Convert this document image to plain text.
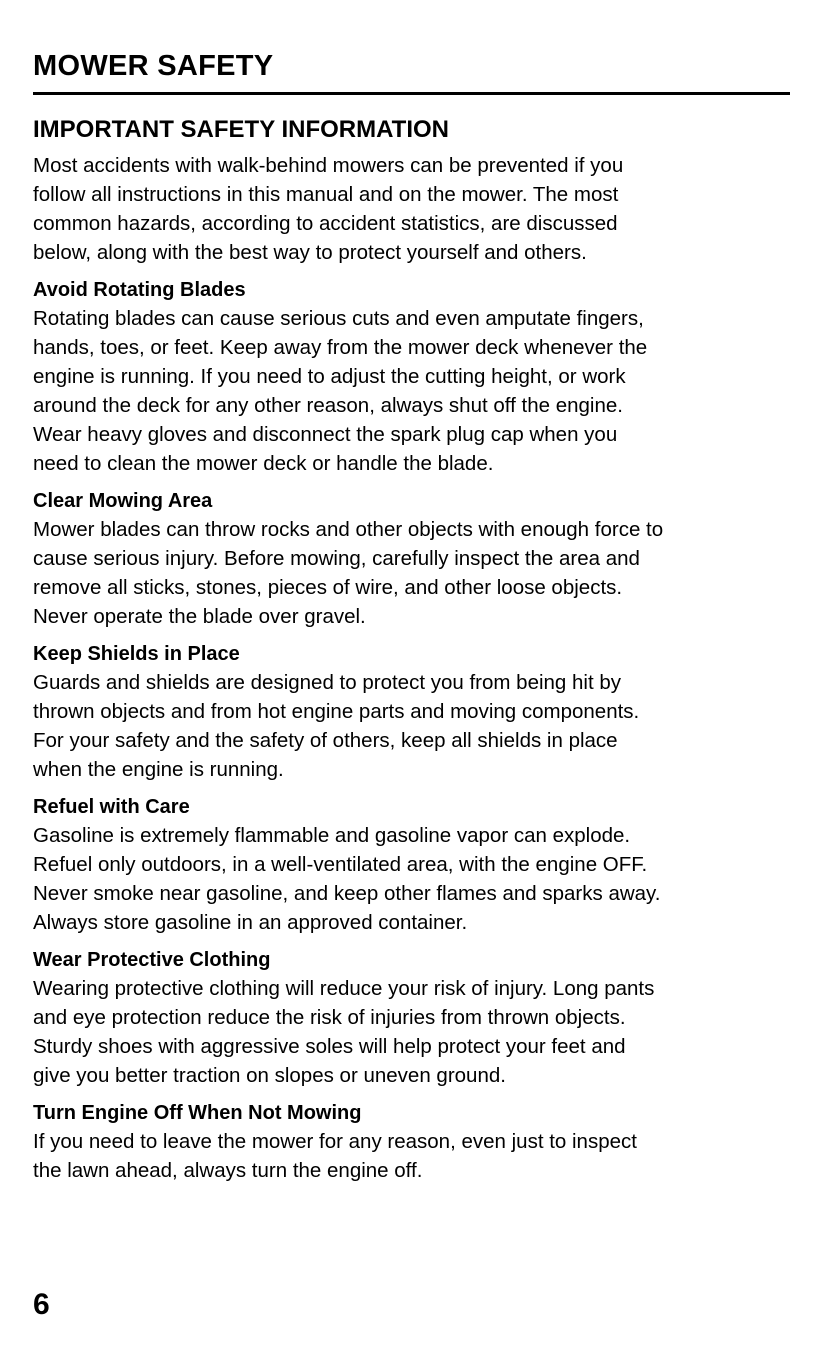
MOWER SAFETY
IMPORTANT SAFETY INFORMATION

Most accidents with walk-behind mowers can be prevented if you
follow all instructions in this manual and on the mower. The most
common hazards, according to accident statistics, are discussed
below, along with the best way to protect yourself and others.

Avoid Rotating Blades

Rotating blades can cause serious cuts and even amputate fingers,
hands, toes, or feet. Keep away from the mower deck whenever the
engine is running. If you need to adjust the cutting height, or work
around the deck for any other reason, always shut off the engine.
Wear heavy gloves and disconnect the spark plug cap when you
need to clean the mower deck or handle the blade.

Clear Mowing Area

Mower blades can throw rocks and other objects with enough force to
cause serious injury. Before mowing, carefully inspect the area and
remove all sticks, stones, pieces of wire, and other loose objects.
Never operate the blade over gravel.

Keep Shields in Place

Guards and shields are designed to protect you from being hit by
thrown objects and from hot engine parts and moving components.
For your safety and the safety of others, keep all shields in place
when the engine is running.

Refuel with Care

Gasoline is extremely flammable and gasoline vapor can explode.
Refuel only outdoors, in a well-ventilated area, with the engine OFF.
Never smoke near gasoline, and keep other flames and sparks away.
Always store gasoline in an approved container.

Wear Protective Clothing

Wearing protective clothing will reduce your risk of injury. Long pants
and eye protection reduce the risk of injuries from thrown objects.
Sturdy shoes with aggressive soles will help protect your feet and
give you better traction on slopes or uneven ground.

Turn Engine Off When Not Mowing

If you need to leave the mower for any reason, even just to inspect
the lawn ahead, always turn the engine off.

6
